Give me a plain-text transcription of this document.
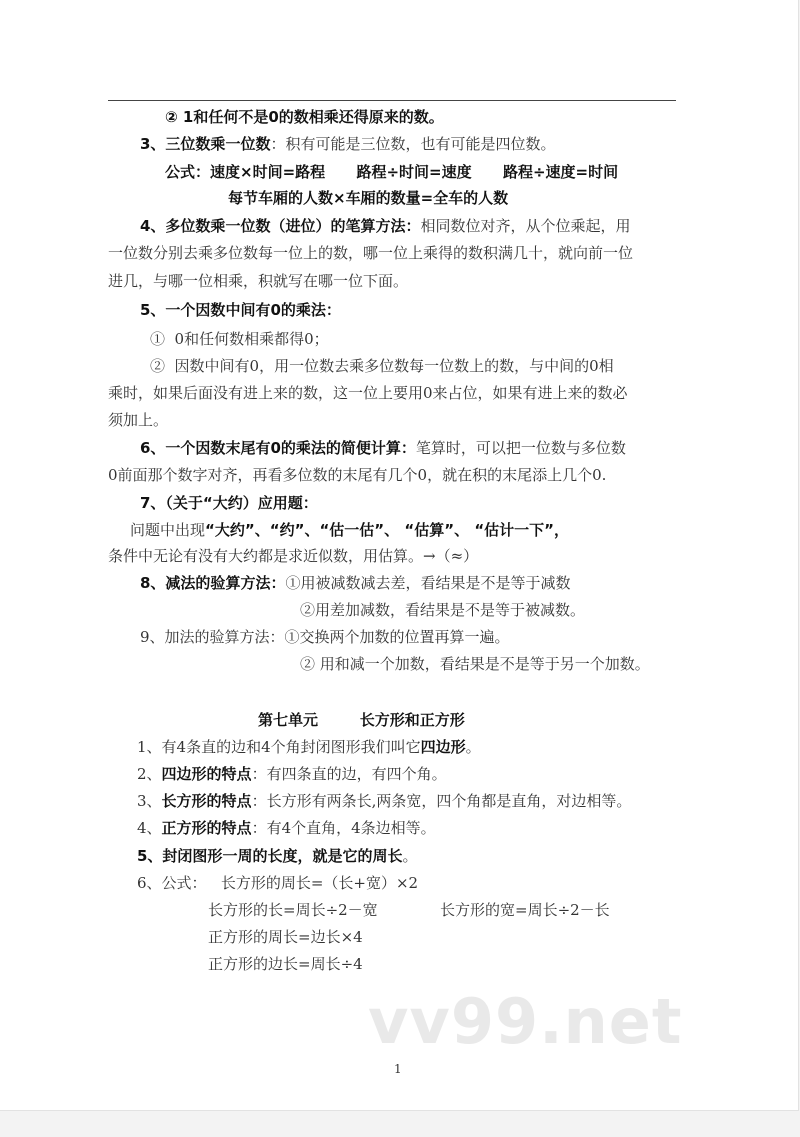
② 1和任何不是0的数相乘还得原来的数。
3、三位数乘一位数：积有可能是三位数，也有可能是四位数。
公式：速度×时间=路程      路程÷时间=速度      路程÷速度=时间
每节车厢的人数×车厢的数量=全车的人数
4、多位数乘一位数（进位）的笔算方法：相同数位对齐，从个位乘起，用
一位数分别去乘多位数每一位上的数，哪一位上乘得的数积满几十，就向前一位
进几，与哪一位相乘，积就写在哪一位下面。
5、一个因数中间有0的乘法：
①  0和任何数相乘都得0；
②  因数中间有0，用一位数去乘多位数每一位数上的数，与中间的0相
乘时，如果后面没有进上来的数，这一位上要用0来占位，如果有进上来的数必
须加上。
6、一个因数末尾有0的乘法的简便计算：笔算时，可以把一位数与多位数
0前面那个数字对齐，再看多位数的末尾有几个0，就在积的末尾添上几个0.
7、（关于“大约）应用题：
问题中出现“大约”、“约”、“估一估”、 “估算”、 “估计一下”，
条件中无论有没有大约都是求近似数，用估算。→（≈）
8、减法的验算方法：①用被减数减去差，看结果是不是等于减数
②用差加减数，看结果是不是等于被减数。
9、加法的验算方法：①交换两个加数的位置再算一遍。
② 用和减一个加数，看结果是不是等于另一个加数。
第七单元        长方形和正方形
1、有4条直的边和4个角封闭图形我们叫它四边形。
2、四边形的特点：有四条直的边，有四个角。
3、长方形的特点：长方形有两条长,两条宽，四个角都是直角，对边相等。
4、正方形的特点：有4个直角，4条边相等。
5、封闭图形一周的长度，就是它的周长。
6、公式：   长方形的周长=（长+宽）×2
长方形的长=周长÷2－宽	长方形的宽=周长÷2－长
正方形的周长=边长×4
正方形的边长=周长÷4
vv99.net
1
